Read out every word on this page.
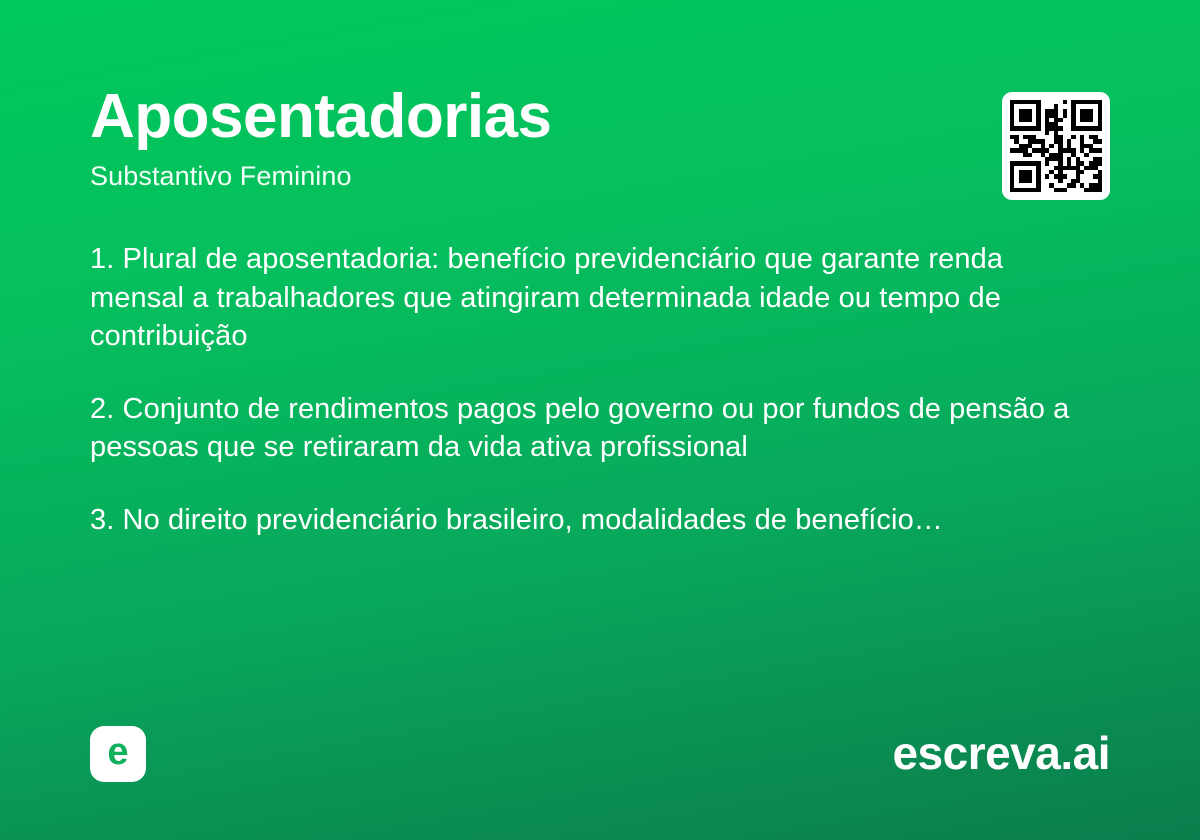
Aposentadorias

Substantivo Feminino

1. Plural de aposentadoria: benefício previdenciário que garante renda mensal a trabalhadores que atingiram determinada idade ou tempo de contribuição

2. Conjunto de rendimentos pagos pelo governo ou por fundos de pensão a pessoas que se retiraram da vida ativa profissional

3. No direito previdenciário brasileiro, modalidades de benefício…

e	escreva.ai
